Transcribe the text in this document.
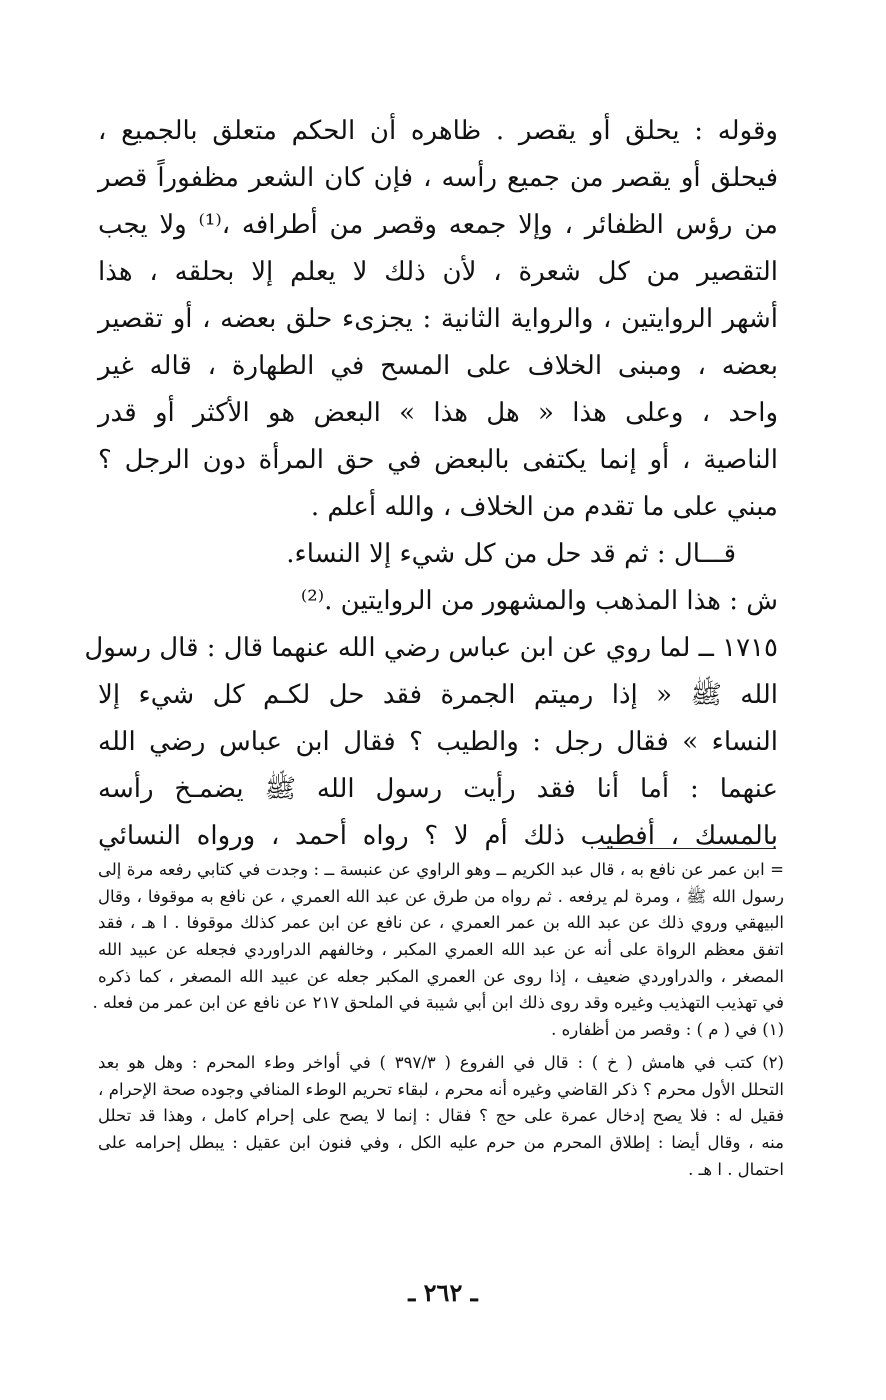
وقوله : يحلق أو يقصر . ظاهره أن الحكم متعلق بالجميع ،
فيحلق أو يقصر من جميع رأسه ، فإن كان الشعر مظفوراً قصر
من رؤس الظفائر ، وإلا جمعه وقصر من أطرافه ،⁽¹⁾ ولا يجب
التقصير من كل شعرة ، لأن ذلك لا يعلم إلا بحلقه ، هذا
أشهر الروايتين ، والرواية الثانية : يجزىء حلق بعضه ، أو تقصير
بعضه ، ومبنى الخلاف على المسح في الطهارة ، قاله غير
واحد ، وعلى هذا « هل هذا » البعض هو الأكثر أو قدر
الناصية ، أو إنما يكتفى بالبعض في حق المرأة دون الرجل ؟
مبني على ما تقدم من الخلاف ، والله أعلم .
قـــال : ثم قد حل من كل شيء إلا النساء.
ش : هذا المذهب والمشهور من الروايتين .⁽²⁾
١٧١٥ ــ لما روي عن ابن عباس رضي الله عنهما قال : قال رسول
الله ﷺ « إذا رميتم الجمرة فقد حل لكـم كل شيء إلا
النساء » فقال رجل : والطيب ؟ فقال ابن عباس رضي الله
عنهما : أما أنا فقد رأيت رسول الله ﷺ يضمـخ رأسه
بالمسك ، أفطيب ذلك أم لا ؟ رواه أحمد ، ورواه النسائي
= ابن عمر عن نافع به ، قال عبد الكريم ــ وهو الراوي عن عنبسة ــ : وجدت في كتابي رفعه مرة إلى
رسول الله ﷺ ، ومرة لم يرفعه . ثم رواه من طرق عن عبد الله العمري ، عن نافع به موقوفا ، وقال
البيهقي وروي ذلك عن عبد الله بن عمر العمري ، عن نافع عن ابن عمر كذلك موقوفا . ا هـ ، فقد
اتفق معظم الرواة على أنه عن عبد الله العمري المكبر ، وخالفهم الدراوردي فجعله عن عبيد الله
المصغر ، والدراوردي ضعيف ، إذا روى عن العمري المكبر جعله عن عبيد الله المصغر ، كما ذكره
في تهذيب التهذيب وغيره وقد روى ذلك ابن أبي شيبة في الملحق ٢١٧ عن نافع عن ابن عمر من فعله .
(١) في ( م ) : وقصر من أظفاره .
(٢) كتب في هامش ( خ ) : قال في الفروع ( ٣٩٧/٣ ) في أواخر وطء المحرم : وهل هو بعد
التحلل الأول محرم ؟ ذكر القاضي وغيره أنه محرم ، لبقاء تحريم الوطء المنافي وجوده صحة الإحرام ،
فقيل له : فلا يصح إدخال عمرة على حج ؟ فقال : إنما لا يصح على إحرام كامل ، وهذا قد تحلل
منه ، وقال أيضا : إطلاق المحرم من حرم عليه الكل ، وفي فنون ابن عقيل : يبطل إحرامه على
احتمال . ا هـ .
ـ ٢٦٢ ـ
